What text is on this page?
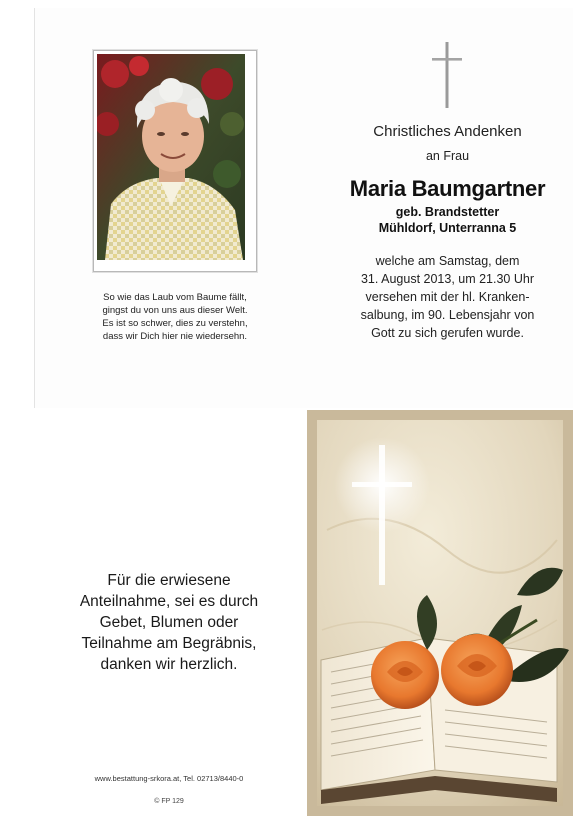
So wie das Laub vom Baume fällt,
gingst du von uns aus dieser Welt.
Es ist so schwer, dies zu verstehn,
dass wir Dich hier nie wiedersehn.
Christliches Andenken
an Frau
Maria Baumgartner
geb. Brandstetter
Mühldorf, Unterranna 5
welche am Samstag, dem
31. August 2013, um 21.30 Uhr
versehen mit der hl. Kranken-
salbung, im 90. Lebensjahr von
Gott zu sich gerufen wurde.
Für die erwiesene
Anteilnahme, sei es durch
Gebet, Blumen oder
Teilnahme am Begräbnis,
danken wir herzlich.
www.bestattung-srkora.at, Tel. 02713/8440-0
© FP 129
